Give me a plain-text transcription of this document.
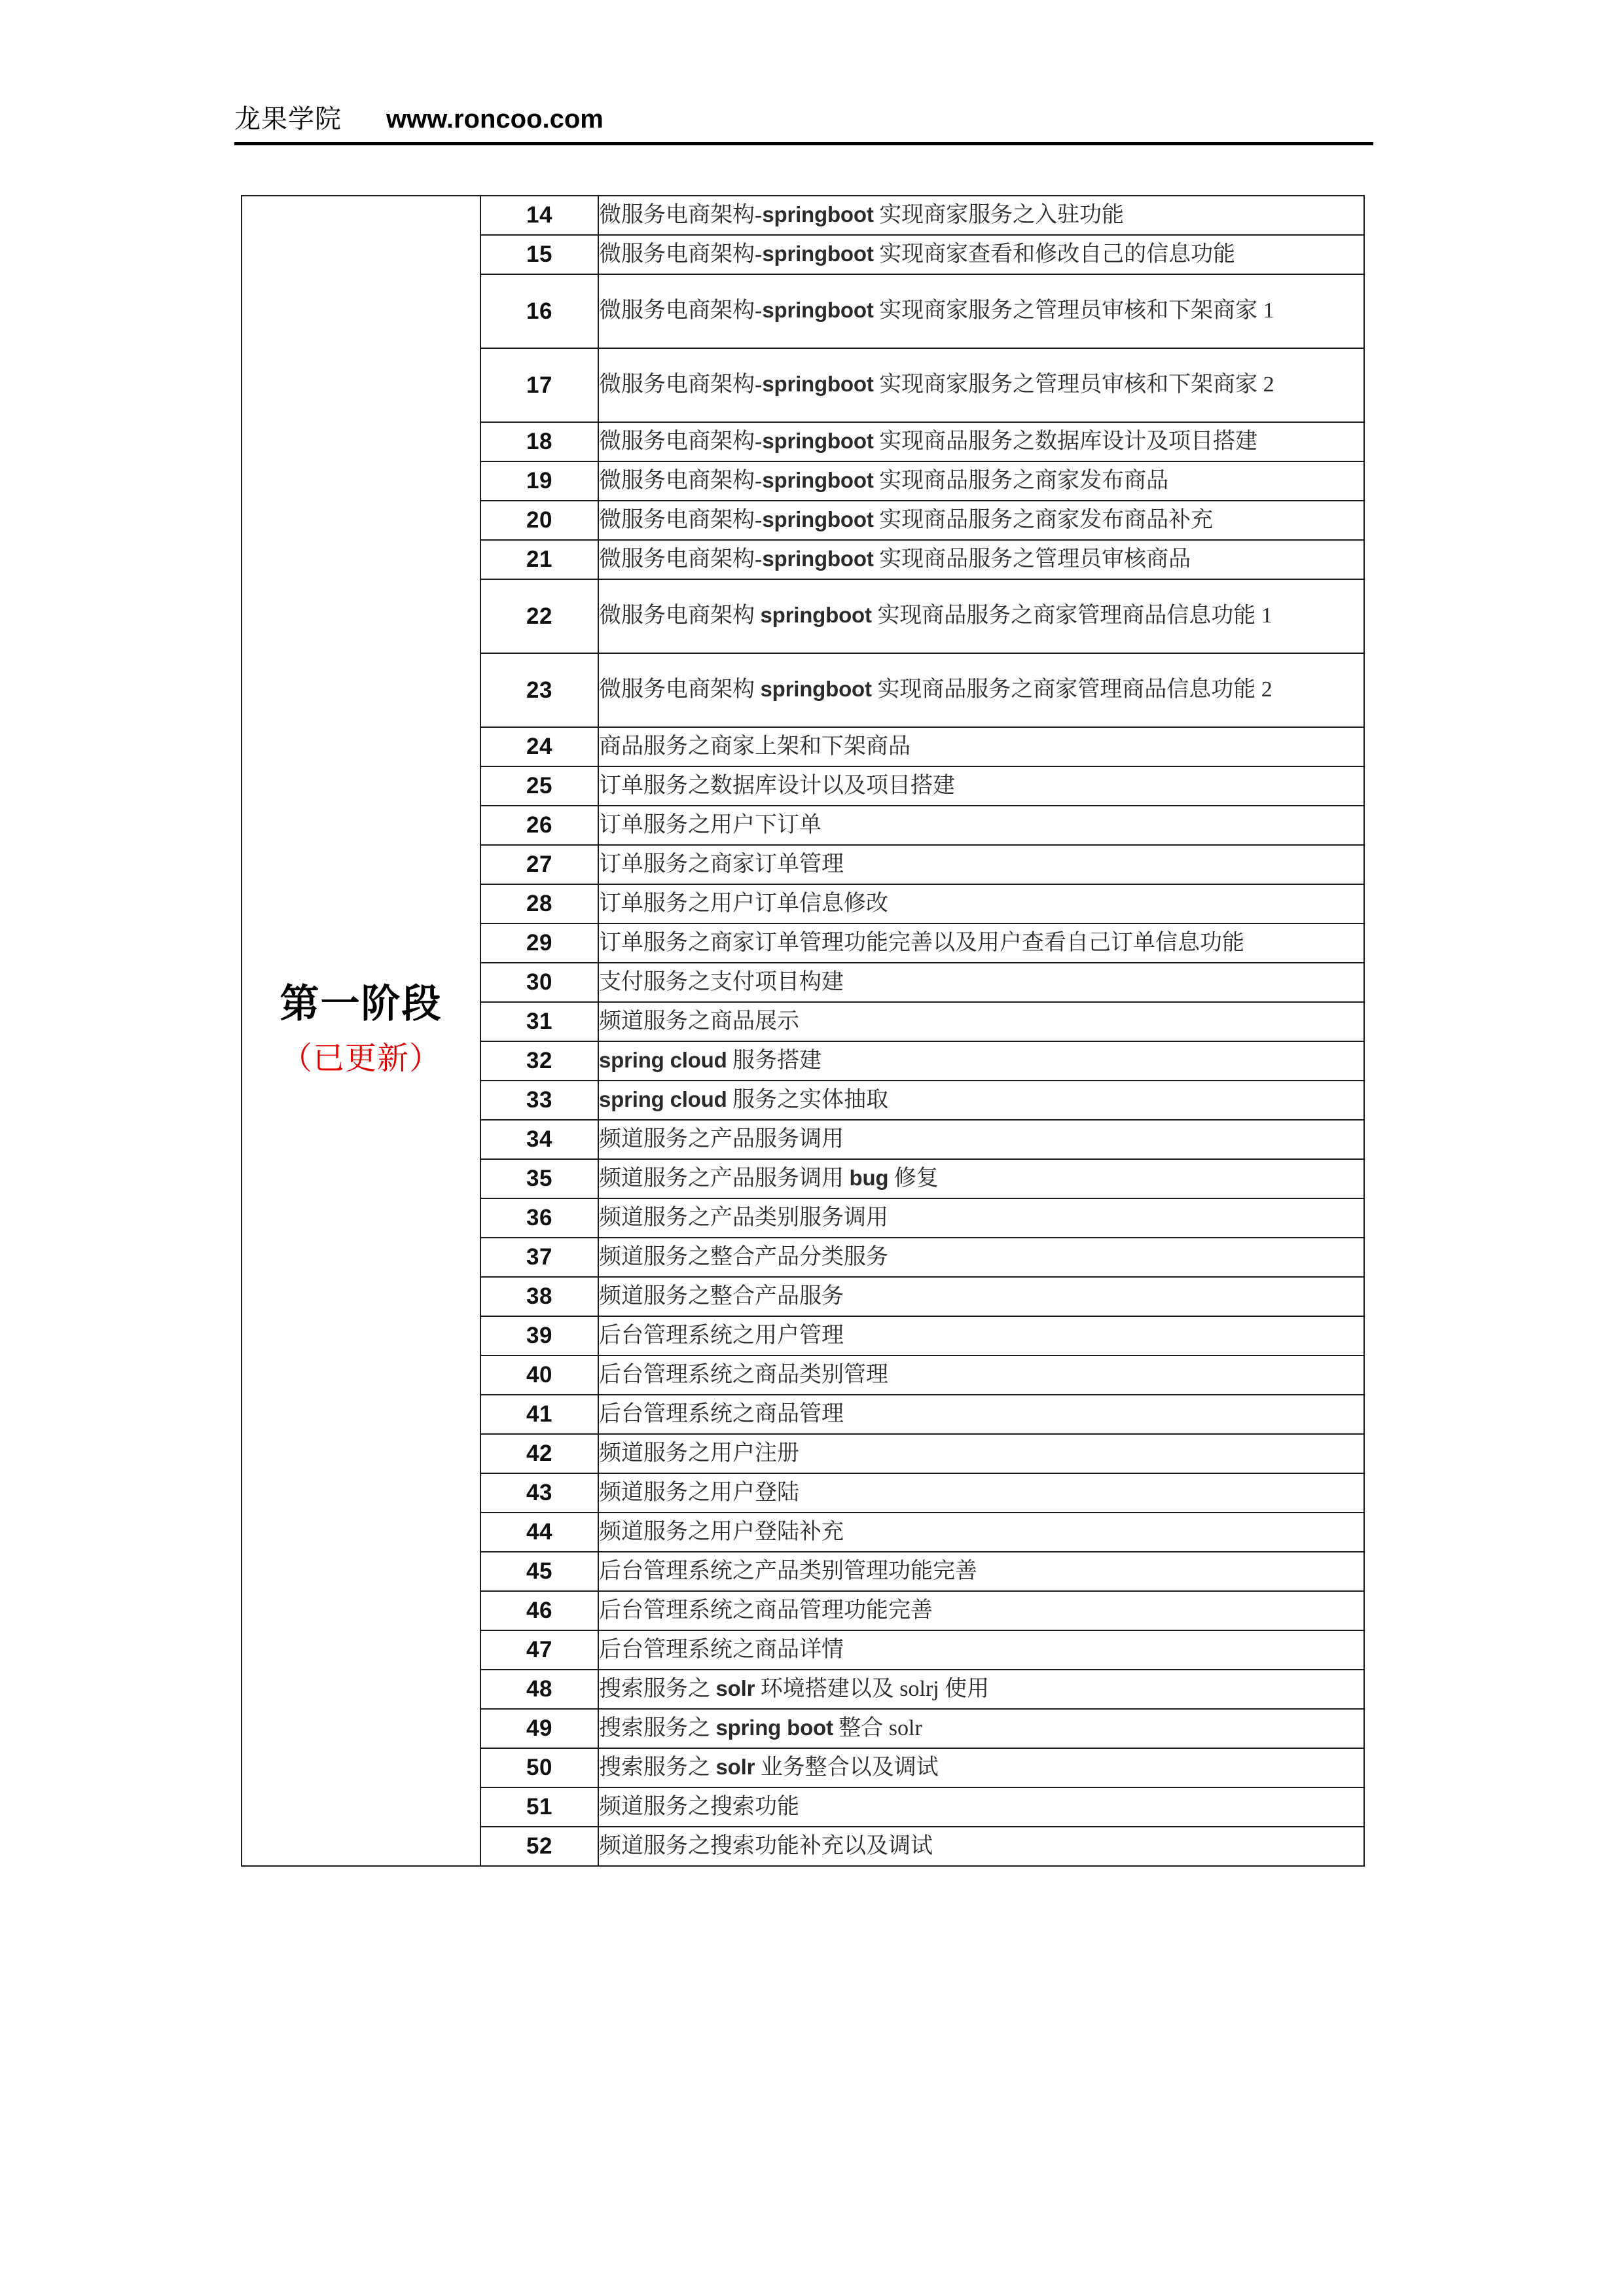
龙果学院 www.roncoo.com
第一阶段
（已更新）	14	微服务电商架构-springboot 实现商家服务之入驻功能
	15	微服务电商架构-springboot 实现商家查看和修改自己的信息功能
	16	微服务电商架构-springboot 实现商家服务之管理员审核和下架商家 1
	17	微服务电商架构-springboot 实现商家服务之管理员审核和下架商家 2
	18	微服务电商架构-springboot 实现商品服务之数据库设计及项目搭建
	19	微服务电商架构-springboot 实现商品服务之商家发布商品
	20	微服务电商架构-springboot 实现商品服务之商家发布商品补充
	21	微服务电商架构-springboot 实现商品服务之管理员审核商品
	22	微服务电商架构 springboot 实现商品服务之商家管理商品信息功能 1
	23	微服务电商架构 springboot 实现商品服务之商家管理商品信息功能 2
	24	商品服务之商家上架和下架商品
	25	订单服务之数据库设计以及项目搭建
	26	订单服务之用户下订单
	27	订单服务之商家订单管理
	28	订单服务之用户订单信息修改
	29	订单服务之商家订单管理功能完善以及用户查看自己订单信息功能
	30	支付服务之支付项目构建
	31	频道服务之商品展示
	32	spring cloud 服务搭建
	33	spring cloud 服务之实体抽取
	34	频道服务之产品服务调用
	35	频道服务之产品服务调用 bug 修复
	36	频道服务之产品类别服务调用
	37	频道服务之整合产品分类服务
	38	频道服务之整合产品服务
	39	后台管理系统之用户管理
	40	后台管理系统之商品类别管理
	41	后台管理系统之商品管理
	42	频道服务之用户注册
	43	频道服务之用户登陆
	44	频道服务之用户登陆补充
	45	后台管理系统之产品类别管理功能完善
	46	后台管理系统之商品管理功能完善
	47	后台管理系统之商品详情
	48	搜索服务之 solr 环境搭建以及 solrj 使用
	49	搜索服务之 spring boot 整合 solr
	50	搜索服务之 solr 业务整合以及调试
	51	频道服务之搜索功能
	52	频道服务之搜索功能补充以及调试
